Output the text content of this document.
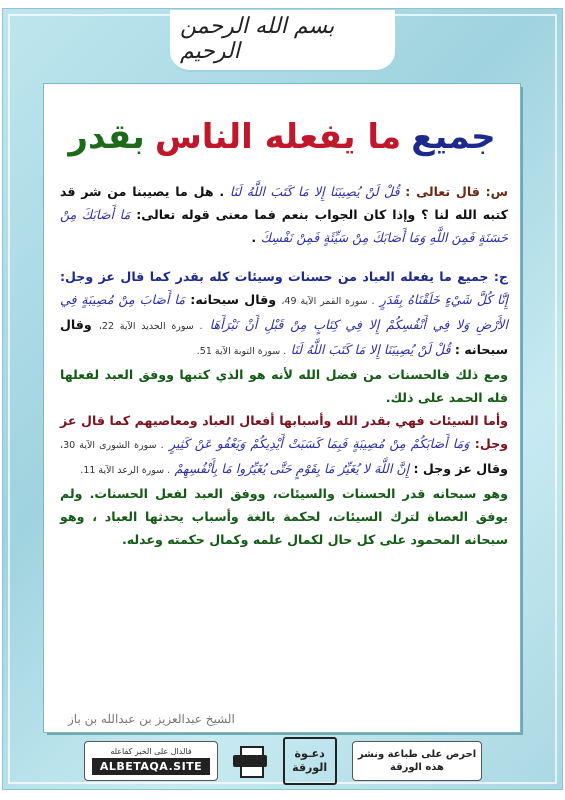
بسم الله الرحمن الرحيم
جميع
ما يفعله الناس
بقدر

س: قال تعالى : قُلْ لَنْ يُصِيبَنَا إِلا مَا كَتَبَ اللَّهُ لَنَا . هل ما يصيبنا من شر قد كتبه الله لنا ؟ وإذا كان الجواب بنعم فما معنى قوله تعالى: مَا أَصَابَكَ مِنْ حَسَنَةٍ فَمِنَ اللَّهِ وَمَا أَصَابَكَ مِنْ سَيِّئَةٍ فَمِنْ نَفْسِكَ .

ج: جميع ما يفعله العباد من حسنات وسيئات كله بقدر كما قال عز وجل: إِنَّا كُلَّ شَيْءٍ خَلَقْنَاهُ بِقَدَرٍ . سورة القمر الآية 49، وقال سبحانه: مَا أَصَابَ مِنْ مُصِيبَةٍ فِي الأَرْضِ وَلا فِي أَنْفُسِكُمْ إِلا فِي كِتَابٍ مِنْ قَبْلِ أَنْ نَبْرَأَهَا . سورة الحديد الآية 22، وقال سبحانه : قُلْ لَنْ يُصِيبَنَا إِلا مَا كَتَبَ اللَّهُ لَنَا . سورة التوبة الآية 51.

ومع ذلك فالحسنات من فضل الله لأنه هو الذي كتبها ووفق العبد لفعلها فله الحمد على ذلك.

وأما السيئات فهي بقدر الله وأسبابها أفعال العباد ومعاصيهم كما قال عز وجل: وَمَا أَصَابَكُمْ مِنْ مُصِيبَةٍ فَبِمَا كَسَبَتْ أَيْدِيكُمْ وَيَعْفُو عَنْ كَثِيرٍ . سورة الشورى الآية 30، وقال عز وجل : إِنَّ اللَّهَ لا يُغَيِّرُ مَا بِقَوْمٍ حَتَّى يُغَيِّرُوا مَا بِأَنْفُسِهِمْ . سورة الرعد الآية 11.

وهو سبحانه قدر الحسنات والسيئات، ووفق العبد لفعل الحسنات. ولم يوفق العصاة لترك السيئات، لحكمة بالغة وأسباب يحدثها العباد ، وهو سبحانه المحمود على كل حال لكمال علمه وكمال حكمته وعدله.

الشيخ عبدالعزيز بن عبدالله بن باز
فالدال على الخير كفاعله
ALBETAQA.SITE
دعـوة
الورقة
احرص على طباعة ونشر هذه الورقة
